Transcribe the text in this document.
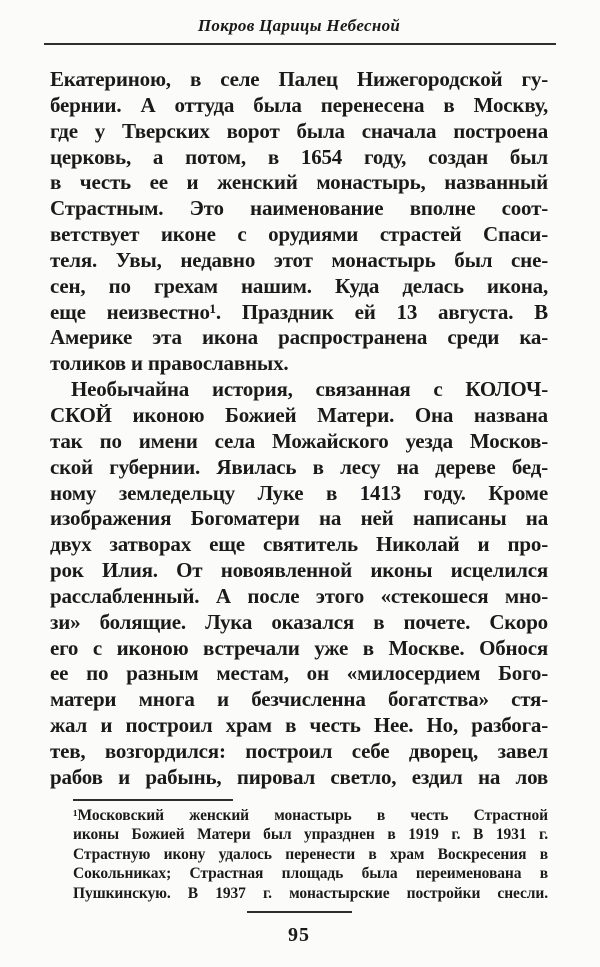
Покров Царицы Небесной
Екатериною, в селе Палец Нижегородской гу-
бернии. А оттуда была перенесена в Москву,
где у Тверских ворот была сначала построена
церковь, а потом, в 1654 году, создан был
в честь ее и женский монастырь, названный
Страстным. Это наименование вполне соот-
ветствует иконе с орудиями страстей Спаси-
теля. Увы, недавно этот монастырь был сне-
сен, по грехам нашим. Куда делась икона,
еще неизвестно¹. Праздник ей 13 августа. В
Америке эта икона распространена среди ка-
толиков и православных.
Необычайна история, связанная с КОЛОЧ-
СКОЙ иконою Божией Матери. Она названа
так по имени села Можайского уезда Москов-
ской губернии. Явилась в лесу на дереве бед-
ному земледельцу Луке в 1413 году. Кроме
изображения Богоматери на ней написаны на
двух затворах еще святитель Николай и про-
рок Илия. От новоявленной иконы исцелился
расслабленный. А после этого «стекошеся мно-
зи» болящие. Лука оказался в почете. Скоро
его с иконою встречали уже в Москве. Обнося
ее по разным местам, он «милосердием Бого-
матери многа и безчисленна богатства» стя-
жал и построил храм в честь Нее. Но, разбога-
тев, возгордился: построил себе дворец, завел
рабов и рабынь, пировал светло, ездил на лов
¹Московский женский монастырь в честь Страстной
иконы Божией Матери был упразднен в 1919 г. В 1931 г.
Страстную икону удалось перенести в храм Воскресения в
Сокольниках; Страстная площадь была переименована в
Пушкинскую. В 1937 г. монастырские постройки снесли.
95
